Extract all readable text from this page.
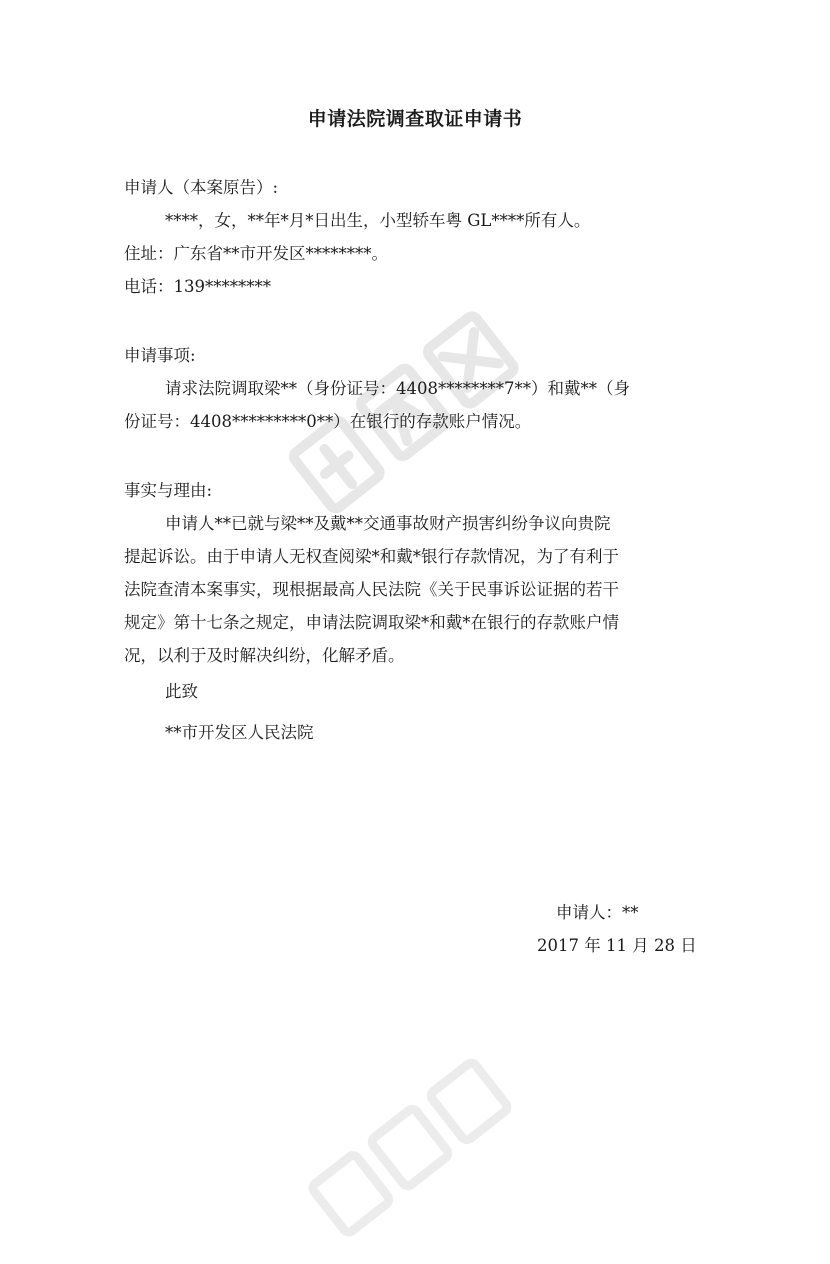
申请法院调查取证申请书
申请人（本案原告）:
****，女，**年*月*日出生，小型轿车粤 GL****所有人。
住址：广东省**市开发区********。
电话：139********
申请事项:
请求法院调取梁**（身份证号：4408********7**）和戴**（身
份证号：4408*********0**）在银行的存款账户情况。
事实与理由:
申请人**已就与梁**及戴**交通事故财产损害纠纷争议向贵院
提起诉讼。由于申请人无权查阅梁*和戴*银行存款情况，为了有利于
法院查清本案事实，现根据最高人民法院《关于民事诉讼证据的若干
规定》第十七条之规定，申请法院调取梁*和戴*在银行的存款账户情
况，以利于及时解决纠纷，化解矛盾。
此致
**市开发区人民法院
申请人：**
2017 年 11 月 28 日
